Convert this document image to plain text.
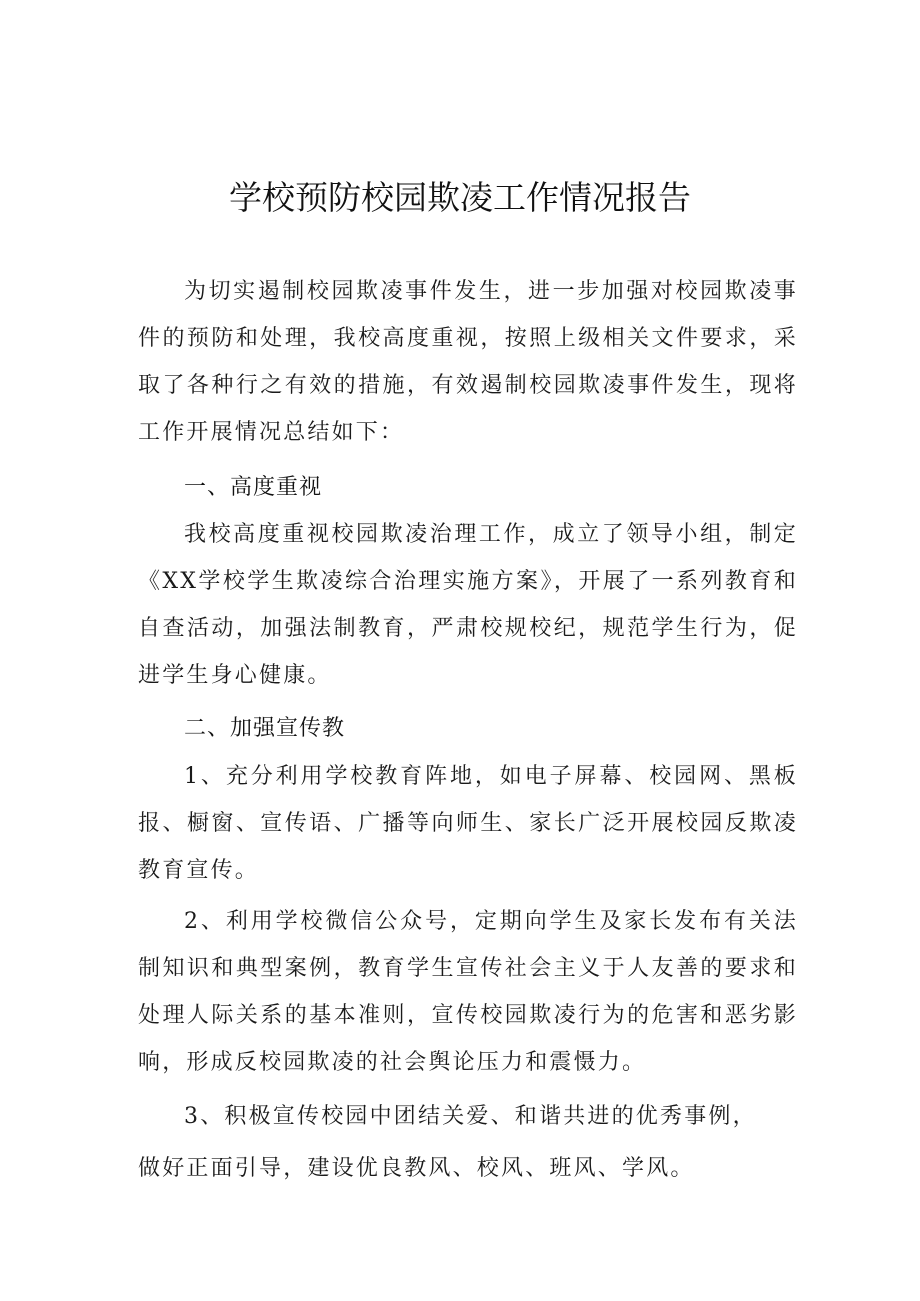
学校预防校园欺凌工作情况报告

为切实遏制校园欺凌事件发生，进一步加强对校园欺凌事件的预防和处理，我校高度重视，按照上级相关文件要求，采取了各种行之有效的措施，有效遏制校园欺凌事件发生，现将工作开展情况总结如下：

一、高度重视

我校高度重视校园欺凌治理工作，成立了领导小组，制定《XX学校学生欺凌综合治理实施方案》，开展了一系列教育和自查活动，加强法制教育，严肃校规校纪，规范学生行为，促进学生身心健康。

二、加强宣传教

1、充分利用学校教育阵地，如电子屏幕、校园网、黑板报、橱窗、宣传语、广播等向师生、家长广泛开展校园反欺凌教育宣传。

2、利用学校微信公众号，定期向学生及家长发布有关法制知识和典型案例，教育学生宣传社会主义于人友善的要求和处理人际关系的基本准则，宣传校园欺凌行为的危害和恶劣影响，形成反校园欺凌的社会舆论压力和震慑力。

3、积极宣传校园中团结关爱、和谐共进的优秀事例，

做好正面引导，建设优良教风、校风、班风、学风。
